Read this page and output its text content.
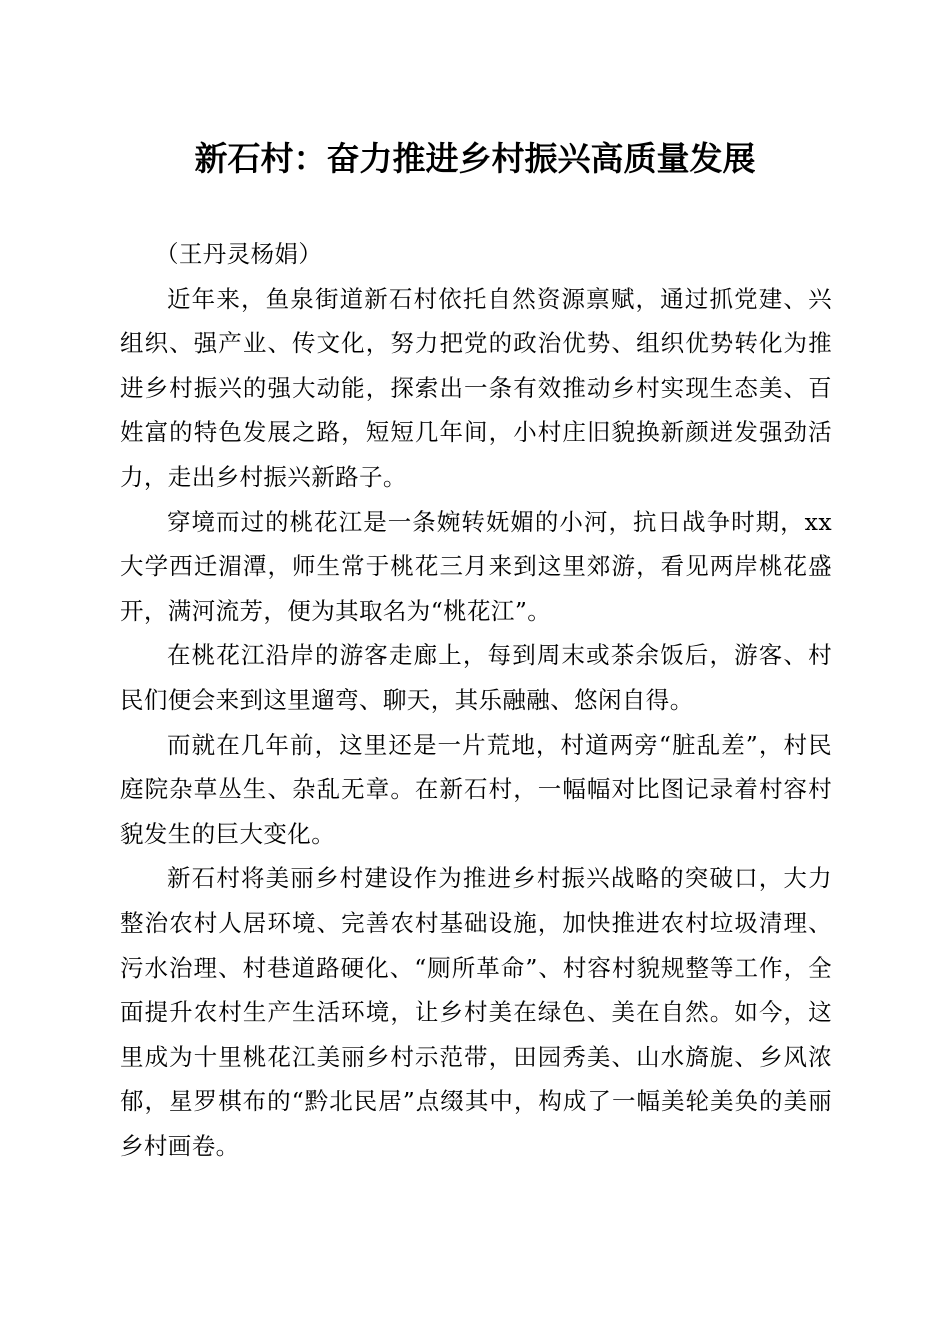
新石村：奋力推进乡村振兴高质量发展

（王丹灵杨娟）

近年来，鱼泉街道新石村依托自然资源禀赋，通过抓党建、兴组织、强产业、传文化，努力把党的政治优势、组织优势转化为推进乡村振兴的强大动能，探索出一条有效推动乡村实现生态美、百姓富的特色发展之路，短短几年间，小村庄旧貌换新颜迸发强劲活力，走出乡村振兴新路子。

穿境而过的桃花江是一条婉转妩媚的小河，抗日战争时期，xx大学西迁湄潭，师生常于桃花三月来到这里郊游，看见两岸桃花盛开，满河流芳，便为其取名为“桃花江”。

在桃花江沿岸的游客走廊上，每到周末或茶余饭后，游客、村民们便会来到这里遛弯、聊天，其乐融融、悠闲自得。

而就在几年前，这里还是一片荒地，村道两旁“脏乱差”，村民庭院杂草丛生、杂乱无章。在新石村，一幅幅对比图记录着村容村貌发生的巨大变化。

新石村将美丽乡村建设作为推进乡村振兴战略的突破口，大力整治农村人居环境、完善农村基础设施，加快推进农村垃圾清理、污水治理、村巷道路硬化、“厕所革命”、村容村貌规整等工作，全面提升农村生产生活环境，让乡村美在绿色、美在自然。如今，这里成为十里桃花江美丽乡村示范带，田园秀美、山水旖旎、乡风浓郁，星罗棋布的“黔北民居”点缀其中，构成了一幅美轮美奂的美丽乡村画卷。
